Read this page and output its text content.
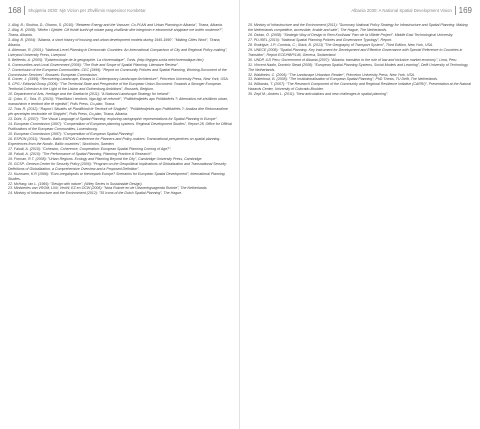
168 Shqipëria 2030: Një Vizion për Zhvillimin Hapësinor Kombëtar
1. Allaj, B.; Shutina, D.; Dhamo, S. (2010): "Between Energy and the Vacuum: Co-PLAN and Urban Planning in Albania", Tirana, Albania.
2. Allaj, B. (2008): "Mirëm i Gjeldet: Cili është kurthi që mbate pang zhvillimin dhe integrimin e ekonomisë shqiptare me botën moderne?", Tirana, Albania.
3. Allaj, B. (2004): "Albania, a short history of housing and urban development models during 1945-1990", "Making Cities Work", Tirana, Albania.
4. Alterman, R. (2001): "National-Level Planning in Democratic Countries: An International Comparison of City and Regional Policy-making", Liverpool University Press, Liverpool.
5. Belfeeds, A. (2005): "Epistemologie de la geographie. La chorematique", Tunis. (http://egigeo.scola.net/chorematique.htm)
6. Communities and Local Government (2006): "The Role and Scope of Spatial Planning: Literature Review".
7. Commission of the European Communities- CEC (1999): "Report on Community Policies and Spatial Planning, Working Document of the Commission Services", Brussels: European Commission.
8. Comer, J. (1999): "Recovering Landscape, Essays in Contemporary Landscape Architecture", Princeton University Press, New York, USA.
9. CPG / Editorial Group (2006): "The Territorial State and Perspective of the European Union Document: Towards a Stronger European Territorial Cohesion in the Light of the Lisbon and Gothenburg Ambitions", Brussels, Belgium.
10. Department of Arts, Heritage and the Gaeltacht (2011): "A National Landscape Strategy for Ireland".
11. Çobo, E.; Tota, R. (2010): "Planifikimi i territorit- Nga ligji në reformë", "Politikëndjekës apo Politikbërës ?: Alternativa më zhvillimin urban, manaxhimin e territorit dhe të mjedisit", Polis Press, Co-plan, Tirana.
12. Tota, R. (2012): "Raport i Situatës së Planifikimit të Territorit në Shqipëri", "Politikëndjekës apo Politikbërës ?: Analiza dhe Rekomandime për qeverisjen territoriale në Shqipëri", Polis Press, Co-plan, Tirana, Albania.
13. Dühr, S. (2007): "The Visual Language of Spatial Planning: exploring cartographic representations for Spatial Planning in Europe".
14. European Commission (1997): "Compendium of European planning systems. Regional Development Studies", Report 28, Office for Official Publications of the European Communities, Luxembourg.
15. European Commission (1997): "Compendium of European Spatial Planning".
16. ESPON (2011): "Nordic- Baltic ESPON Conference for Planners and Policy-makers: Transnational perspectives on spatial planning- Experiences from the Nordic- Baltic countries", Stockholm, Sweden.
17. Faludi, A. (2010): "Cohesion, Coherence, Cooperation: European Spatial Planning Coming of Age?".
18. Faludi, A. (2010): "The Performance of Spatial Planning, Planning Practice & Research".
19. Forman, R.T. (2008): "Urban Regions. Ecology and Planning Beyond the City", Cambridge University Press, Cambridge.
20. GCSP- Geneva Center for Security Policy (2006): "Program on the Geopolitical Implications of Globalization and Transnational Security: Definitions of Globalization, a Comprehensive Overview and a Proposed Definition".
21. Kuzmann, K.R (1996): "Euro-megalopolis or themepark Europe? Scenarios for European Spatial Development", International Planning Studies.
22. McHarg, Ian L. (1969): "Design with nature", (Wiley Series in Sustainable Design).
23. Ministeries van VROM, LNV, VenW, EZ en OCW (2006): "Nota Ruimte en de Uitvoeringsagenda Ruimte", The Netherlands.
24. Ministry of Infrastructure and the Environment (2012): "35 Icons of the Dutch Spatial Planning", The Hague.
Albania 2030: A National Spatial Development Vision 169
25. Ministry of Infrastructure and the Environment (2011): "Summary National Policy Strategy for Infrastructure and Spatial Planning: Making the Netherlands competitive, accessible, livable and safe", The Hague, The Netherlands.
26. Özkan, Ö. (2008): "Strategic Way of Design in Rem Koolhaas' Parc de la Villette Project", Middle East Technological University.
27. PLUREL (2010): "National Spatial Planning Policies and Governance Typology", Report.
28. Rodrigue, J.P; Comtois, C.; Slack, B. (2013) "The Geography of Transport System", Third Edition, New York, USA.
29. UNECE (2008): "Spatial Planning- Key Instrument for Development and Effective Governance with Special Reference to Countries in Transition", Report ECE/HBP/146, Geneva, Switzerland.
30. UNDP, ILD Peru; Government of Albania (2007): "Albania: transition to the rule of law and inclusive market economy", Lima, Peru.
31. Vincent Nadin, Dominic Stead (2008): "European Spatial Planning Systems, Social Models and Learning", Delft University of Technology, The Netherlands.
32. Waldheim, C. (2006): "The Landscape Urbanism Reader", Princeton University Press, New York, USA.
33. Waterhout, B. (2008): "The Institutionalisation of European Spatial Planning", PhD Thesis, TU Delft, The Netherlands.
34. Wilbanks, T. (2007): "The Research Component of the Community and Regional Resilience Initiative (CARRI)", Presentation at the Natural Hazards Center, University of Colorado-Boulder.
35. Zepf M.; Andres L. (2011): "New articulations and new challenges in spatial planning".
